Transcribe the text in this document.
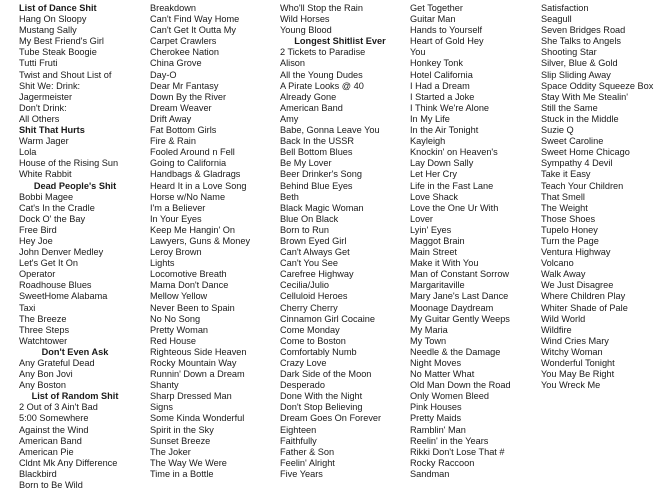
List of Dance Shit
Hang On Sloopy
Mustang Sally
My Best Friend's Girl
Tube Steak Boogie
Tutti Fruti
Twist and Shout List of
Shit We: Drink:
Jagermeister
Don't Drink:
All Others
Shit That Hurts
Warm Jager
Lola
House of the Rising Sun
White Rabbit
Dead People's Shit
Bobbi Magee
Cat's In the Cradle
Dock O' the Bay
Free Bird
Hey Joe
John Denver Medley
Let's Get It On
Operator
Roadhouse Blues
SweetHome Alabama
Taxi
The Breeze
Three Steps
Watchtower
Don't Even Ask
Any Grateful Dead
Any Bon Jovi
Any Boston
List of Random Shit
2 Out of 3 Ain't Bad
5:00 Somewhere
Against the Wind
American Band
American Pie
Cldnt Mk Any Difference
Blackbird
Born to Be Wild
Breakdown
Can't Find Way Home
Can't Get It Outta My
Carpet Crawlers
Cherokee Nation
China Grove
Day-O
Dear Mr Fantasy
Down By the River
Dream Weaver
Drift Away
Fat Bottom Girls
Fire & Rain
Fooled Around n Fell
Going to California
Handbags & Gladrags
Heard It in a Love Song
Horse w/No Name
I'm a Believer
In Your Eyes
Keep Me Hangin' On
Lawyers, Guns & Money
Leroy Brown
Lights
Locomotive Breath
Mama Don't Dance
Mellow Yellow
Never Been to Spain
No No Song
Pretty Woman
Red House
Righteous Side Heaven
Rocky Mountain Way
Runnin' Down a Dream
Shanty
Sharp Dressed Man
Signs
Some Kinda Wonderful
Spirit in the Sky
Sunset Breeze
The Joker
The Way We Were
Time in a Bottle
Who'll Stop the Rain
Wild Horses
Young Blood
Longest Shitlist Ever
2 Tickets to Paradise
Alison
All the Young Dudes
A Pirate Looks @ 40
Already Gone
American Band
Amy
Babe, Gonna Leave You
Back In the USSR
Bell Bottom Blues
Be My Lover
Beer Drinker's Song
Behind Blue Eyes
Beth
Black Magic Woman
Blue On Black
Born to Run
Brown Eyed Girl
Can't Always Get
Can't You See
Carefree Highway
Cecilia/Julio
Celluloid Heroes
Cherry Cherry
Cinnamon Girl Cocaine
Come Monday
Come to Boston
Comfortably Numb
Crazy Love
Dark Side of the Moon
Desperado
Done With the Night
Don't Stop Believing
Dream Goes On Forever
Eighteen
Faithfully
Father & Son
Feelin' Alright
Five Years
Get Together
Guitar Man
Hands to Yourself
Heart of Gold Hey
You
Honkey Tonk
Hotel California
I Had a Dream
I Started a Joke
I Think We're Alone
In My Life
In the Air Tonight
Kayleigh
Knockin' on Heaven's
Lay Down Sally
Let Her Cry
Life in the Fast Lane
Love Shack
Love the One Ur With
Lover
Lyin' Eyes
Maggot Brain
Main Street
Make it With You
Man of Constant Sorrow
Margaritaville
Mary Jane's Last Dance
Moonage Daydream
My Guitar Gently Weeps
My Maria
My Town
Needle & the Damage
Night Moves
No Matter What
Old Man Down the Road
Only Women Bleed
Pink Houses
Pretty Maids
Ramblin' Man
Reelin' in the Years
Rikki Don't Lose That #
Rocky Raccoon
Sandman
Satisfaction
Seagull
Seven Bridges Road
She Talks to Angels
Shooting Star
Silver, Blue & Gold
Slip Sliding Away
Space Oddity Squeeze Box
Stay With Me Stealin'
Still the Same
Stuck in the Middle
Suzie Q
Sweet Caroline
Sweet Home Chicago
Sympathy 4 Devil
Take it Easy
Teach Your Children
That Smell
The Weight
Those Shoes
Tupelo Honey
Turn the Page
Ventura Highway
Volcano
Walk Away
We Just Disagree
Where Children Play
Whiter Shade of Pale
Wild World
Wildfire
Wind Cries Mary
Witchy Woman
Wonderful Tonight
You May Be Right
You Wreck Me
